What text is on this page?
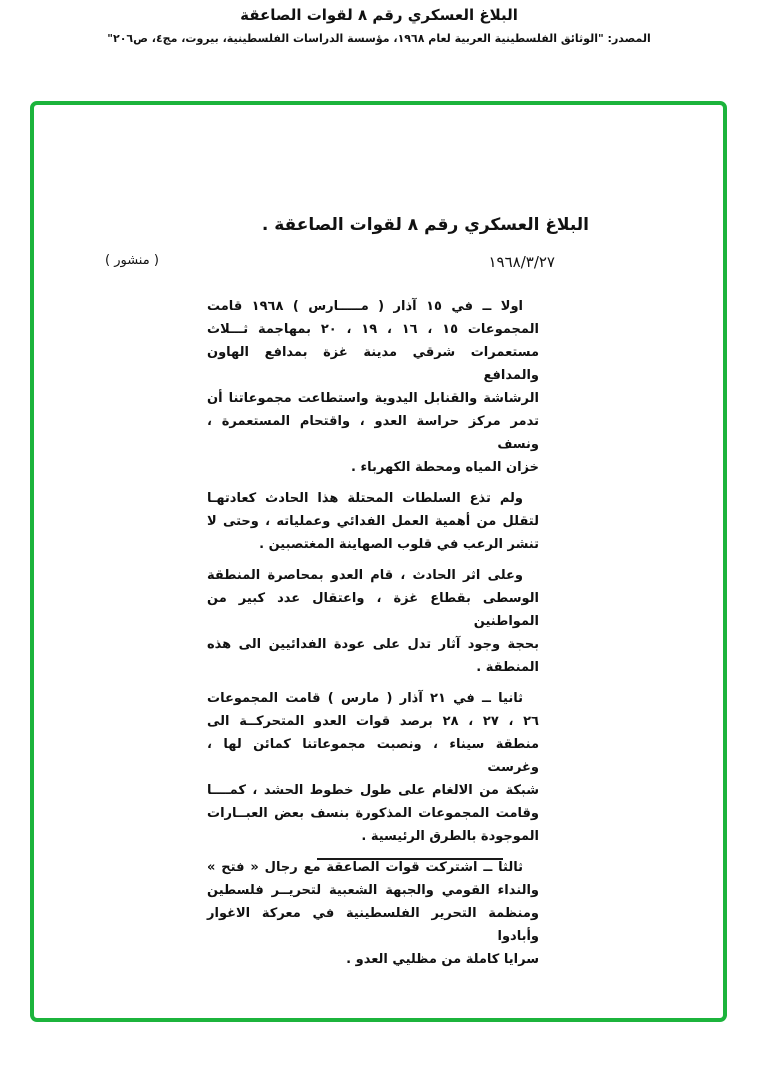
البلاغ العسكري رقم ٨ لقوات الصاعقة
المصدر: "الوثائق الفلسطينية العربية لعام ١٩٦٨، مؤسسة الدراسات الفلسطينية، بيروت، مج٤، ص٢٠٦"
البلاغ العسكري رقم ٨ لقوات الصاعقة .
١٩٦٨/٣/٢٧
( منشور )
اولا ــ في ١٥ آذار ( مـــــارس ) ١٩٦٨ قامت
المجموعات ١٥ ، ١٦ ، ١٩ ، ٢٠ بمهاجمة ثـــلاث
مستعمرات شرقي مدينة غزة بمدافع الهاون والمدافع
الرشاشة والقنابل اليدوية واستطاعت مجموعاتنا أن
تدمر مركز حراسة العدو ، واقتحام المستعمرة ، ونسف
خزان المياه ومحطة الكهرباء .
ولم تذع السلطات المحتلة هذا الحادث كعادتهـا
لتقلل من أهمية العمل الفدائي وعملياته ، وحتى لا
تنشر الرعب في قلوب الصهاينة المغتصبين .
وعلى اثر الحادث ، قام العدو بمحاصرة المنطقة
الوسطى بقطاع غزة ، واعتقال عدد كبير من المواطنين
بحجة وجود آثار تدل على عودة الفدائيين الى هذه
المنطقة .
ثانيا ــ في ٢١ آذار ( مارس ) قامت المجموعات
٢٦ ، ٢٧ ، ٢٨ برصد قوات العدو المتحركــة الى
منطقة سيناء ، ونصبت مجموعاتنا كمائن لها ، وغرست
شبكة من الالغام على طول خطوط الحشد ، كمــــا
وقامت المجموعات المذكورة بنسف بعض العبــارات
الموجودة بالطرق الرئيسية .
ثالثا ــ اشتركت قوات الصاعقة مع رجال « فتح »
والنداء القومي والجبهة الشعبية لتحريــر فلسطين
ومنظمة التحرير الفلسطينية في معركة الاغوار وأبادوا
سرايا كاملة من مظليي العدو .
